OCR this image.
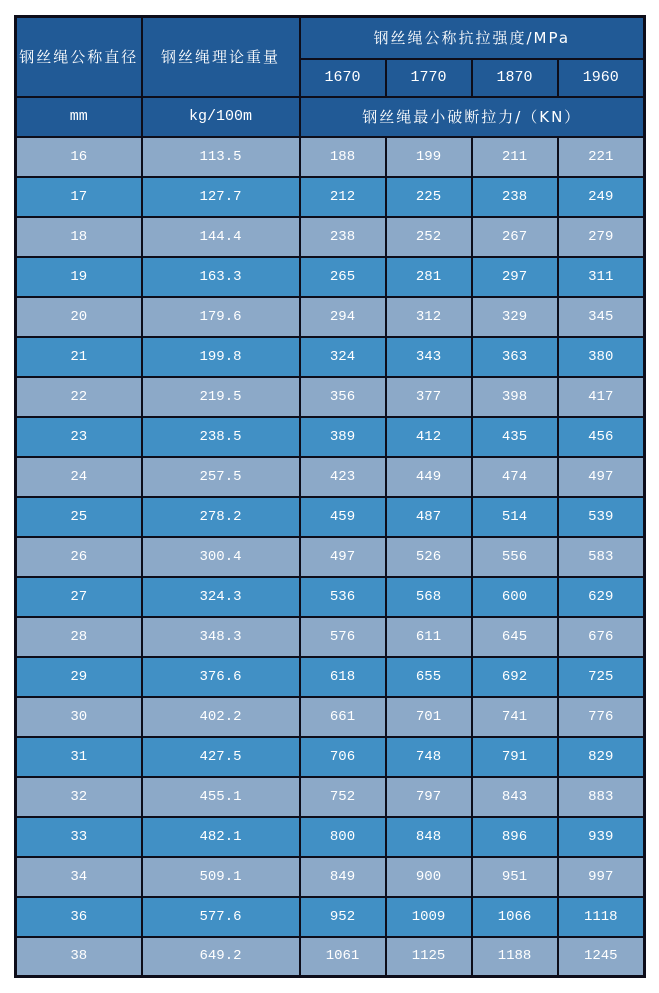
钢丝绳公称直径	钢丝绳理论重量	钢丝绳公称抗拉强度/MPa			
		1670	1770	1870	1960
mm	kg/100m	钢丝绳最小破断拉力/（KN）			
16	113.5	188	199	211	221
17	127.7	212	225	238	249
18	144.4	238	252	267	279
19	163.3	265	281	297	311
20	179.6	294	312	329	345
21	199.8	324	343	363	380
22	219.5	356	377	398	417
23	238.5	389	412	435	456
24	257.5	423	449	474	497
25	278.2	459	487	514	539
26	300.4	497	526	556	583
27	324.3	536	568	600	629
28	348.3	576	611	645	676
29	376.6	618	655	692	725
30	402.2	661	701	741	776
31	427.5	706	748	791	829
32	455.1	752	797	843	883
33	482.1	800	848	896	939
34	509.1	849	900	951	997
36	577.6	952	1009	1066	1118
38	649.2	1061	1125	1188	1245
